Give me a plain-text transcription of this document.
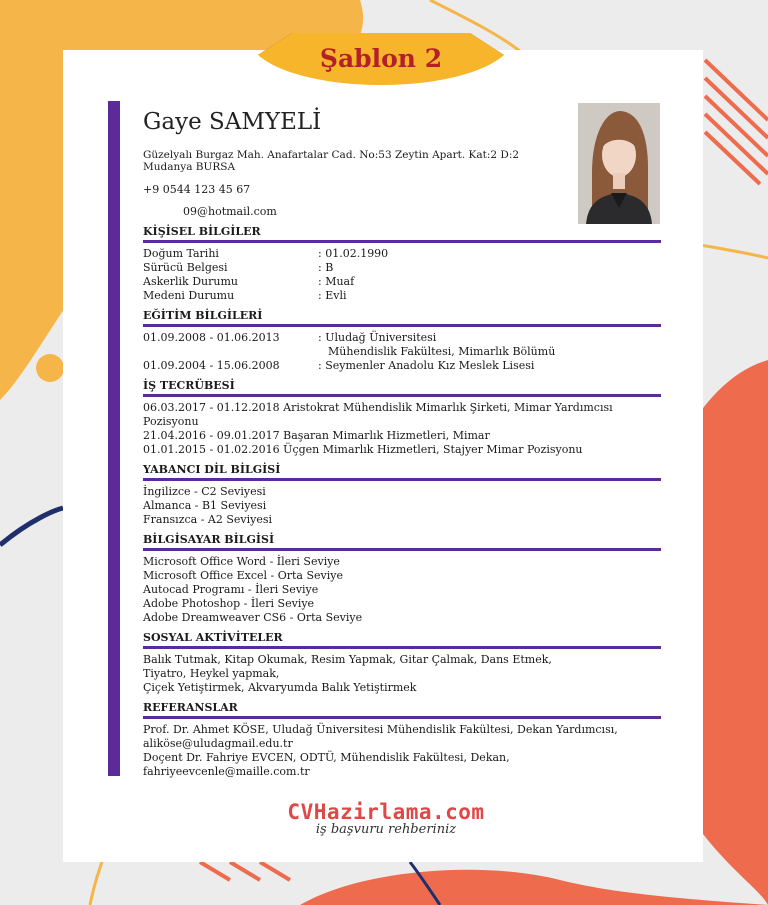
Şablon 2
Gaye SAMYELİ
Güzelyalı Burgaz Mah. Anafartalar Cad. No:53 Zeytin Apart. Kat:2 D:2 Mudanya BURSA
+9 0544 123 45 67
09@hotmail.com
KİŞİSEL BİLGİLER
Doğum Tarihi	: 01.02.1990
Sürücü Belgesi	: B
Askerlik Durumu	: Muaf
Medeni Durumu	: Evli
EĞİTİM BİLGİLERİ
01.09.2008 - 01.06.2013	: Uludağ Üniversitesi
Mühendislik Fakültesi, Mimarlık Bölümü
01.09.2004 - 15.06.2008	: Seymenler Anadolu Kız Meslek Lisesi
İŞ TECRÜBESİ
06.03.2017 - 01.12.2018 Aristokrat Mühendislik Mimarlık Şirketi, Mimar Yardımcısı Pozisyonu
21.04.2016 - 09.01.2017 Başaran Mimarlık Hizmetleri, Mimar
01.01.2015 - 01.02.2016 Üçgen Mimarlık Hizmetleri, Stajyer Mimar Pozisyonu
YABANCI DİL BİLGİSİ
İngilizce - C2 Seviyesi
Almanca - B1 Seviyesi
Fransızca - A2 Seviyesi
BİLGİSAYAR BİLGİSİ
Microsoft Office Word - İleri Seviye
Microsoft Office Excel - Orta Seviye
Autocad Programı - İleri Seviye
Adobe Photoshop - İleri Seviye
Adobe Dreamweaver CS6 - Orta Seviye
SOSYAL AKTİVİTELER
Balık Tutmak, Kitap Okumak, Resim Yapmak, Gitar Çalmak, Dans Etmek,
Tiyatro, Heykel yapmak,
Çiçek Yetiştirmek, Akvaryumda Balık Yetiştirmek
REFERANSLAR
Prof. Dr. Ahmet KÖSE, Uludağ Üniversitesi Mühendislik Fakültesi, Dekan Yardımcısı,
aliköse@uludagmail.edu.tr
Doçent Dr. Fahriye EVCEN, ODTÜ, Mühendislik Fakültesi, Dekan,
fahriyeevcenle@maille.com.tr
CVHazirlama.com
iş başvuru rehberiniz
